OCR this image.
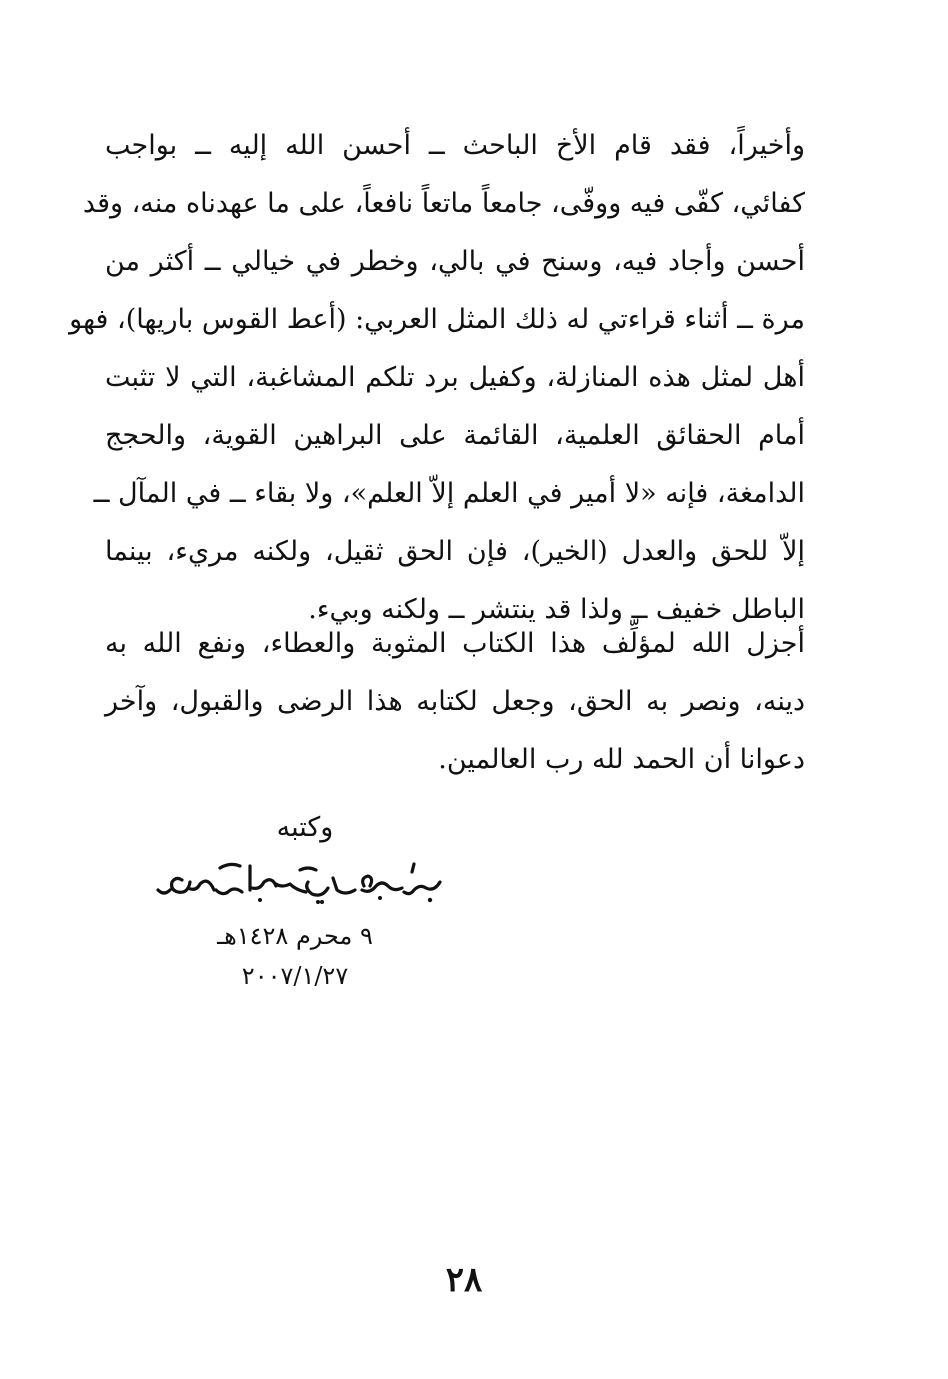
وأخيراً، فقد قام الأخ الباحث ــ أحسن الله إليه ــ بواجب
كفائي، كفّى فيه ووفّى، جامعاً ماتعاً نافعاً، على ما عهدناه منه، وقد
أحسن وأجاد فيه، وسنح في بالي، وخطر في خيالي ــ أكثر من
مرة ــ أثناء قراءتي له ذلك المثل العربي: (أعط القوس باريها)، فهو
أهل لمثل هذه المنازلة، وكفيل برد تلكم المشاغبة، التي لا تثبت
أمام الحقائق العلمية، القائمة على البراهين القوية، والحجج
الدامغة، فإنه «لا أمير في العلم إلاّ العلم»، ولا بقاء ــ في المآل ــ
إلاّ للحق والعدل (الخير)، فإن الحق ثقيل، ولكنه مريء، بينما
الباطل خفيف ــ ولذا قد ينتشر ــ ولكنه وبيء.
أجزل الله لمؤلِّف هذا الكتاب المثوبة والعطاء، ونفع الله به
دينه، ونصر به الحق، وجعل لكتابه هذا الرضى والقبول، وآخر
دعوانا أن الحمد لله رب العالمين.
وكتبه
٩ محرم ١٤٢٨هـ
٢٠٠٧/١/٢٧
٢٨
